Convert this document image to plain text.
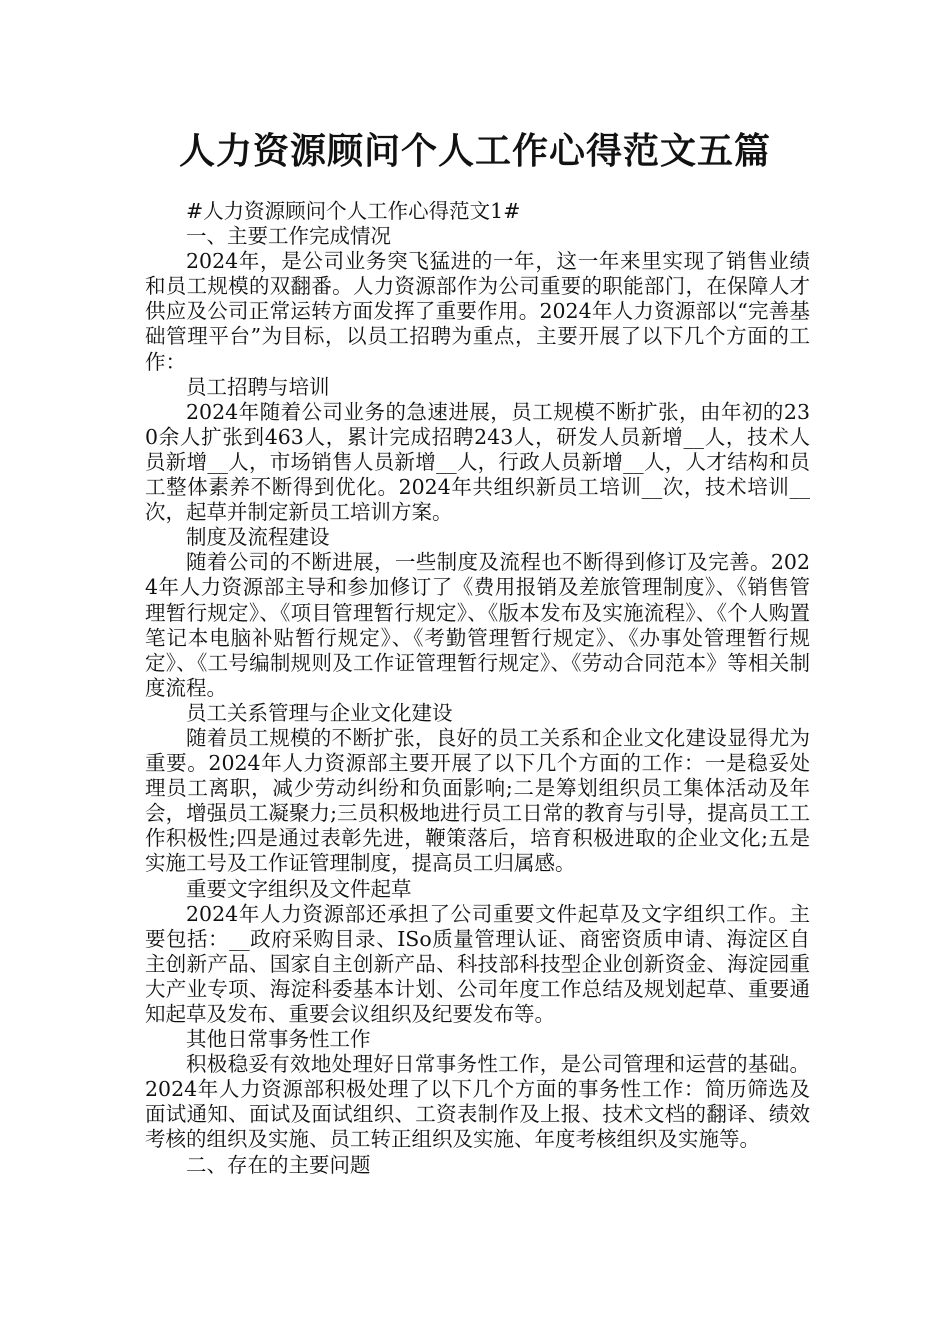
人力资源顾问个人工作心得范文五篇

#人力资源顾问个人工作心得范文1#

一、主要工作完成情况

2024年，是公司业务突飞猛进的一年，这一年来里实现了销售业绩和员工规模的双翻番。人力资源部作为公司重要的职能部门，在保障人才供应及公司正常运转方面发挥了重要作用。2024年人力资源部以“完善基础管理平台”为目标，以员工招聘为重点，主要开展了以下几个方面的工作：

员工招聘与培训

2024年随着公司业务的急速进展，员工规模不断扩张，由年初的230余人扩张到463人，累计完成招聘243人，研发人员新增__人，技术人员新增__人，市场销售人员新增__人，行政人员新增__人，人才结构和员工整体素养不断得到优化。2024年共组织新员工培训__次，技术培训__次，起草并制定新员工培训方案。

制度及流程建设

随着公司的不断进展，一些制度及流程也不断得到修订及完善。2024年人力资源部主导和参加修订了《费用报销及差旅管理制度》、《销售管理暂行规定》、《项目管理暂行规定》、《版本发布及实施流程》、《个人购置笔记本电脑补贴暂行规定》、《考勤管理暂行规定》、《办事处管理暂行规定》、《工号编制规则及工作证管理暂行规定》、《劳动合同范本》等相关制度流程。

员工关系管理与企业文化建设

随着员工规模的不断扩张，良好的员工关系和企业文化建设显得尤为重要。2024年人力资源部主要开展了以下几个方面的工作：一是稳妥处理员工离职，减少劳动纠纷和负面影响;二是筹划组织员工集体活动及年会，增强员工凝聚力;三员积极地进行员工日常的教育与引导，提高员工工作积极性;四是通过表彰先进，鞭策落后，培育积极进取的企业文化;五是实施工号及工作证管理制度，提高员工归属感。

重要文字组织及文件起草

2024年人力资源部还承担了公司重要文件起草及文字组织工作。主要包括：__政府采购目录、ISo质量管理认证、商密资质申请、海淀区自主创新产品、国家自主创新产品、科技部科技型企业创新资金、海淀园重大产业专项、海淀科委基本计划、公司年度工作总结及规划起草、重要通知起草及发布、重要会议组织及纪要发布等。

其他日常事务性工作

积极稳妥有效地处理好日常事务性工作，是公司管理和运营的基础。2024年人力资源部积极处理了以下几个方面的事务性工作：简历筛选及面试通知、面试及面试组织、工资表制作及上报、技术文档的翻译、绩效考核的组织及实施、员工转正组织及实施、年度考核组织及实施等。

二、存在的主要问题
